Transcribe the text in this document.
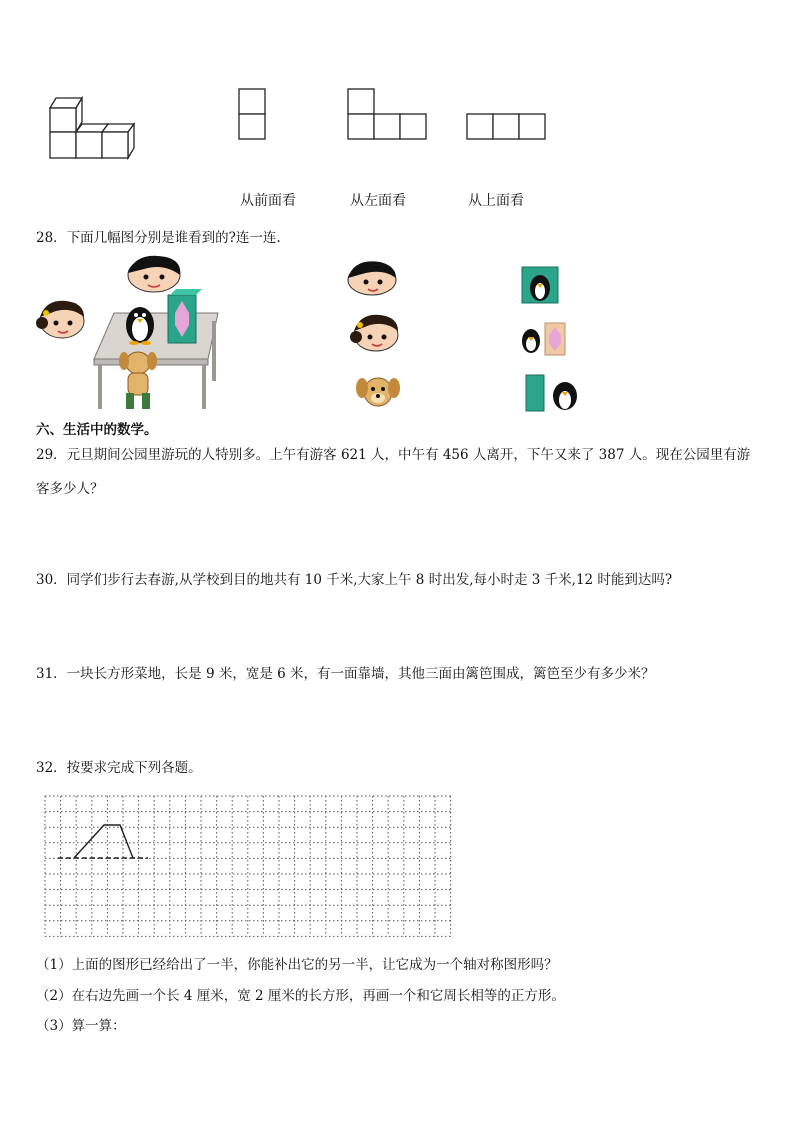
从前面看	从左面看	从上面看
28．下面几幅图分别是谁看到的?连一连.
六、生活中的数学。
29．元旦期间公园里游玩的人特别多。上午有游客 621 人，中午有 456 人离开，下午又来了 387 人。现在公园里有游
客多少人？
30．同学们步行去春游,从学校到目的地共有 10 千米,大家上午 8 时出发,每小时走 3 千米,12 时能到达吗?
31．一块长方形菜地，长是 9 米，宽是 6 米，有一面靠墙，其他三面由篱笆围成，篱笆至少有多少米？
32．按要求完成下列各题。
（1）上面的图形已经给出了一半，你能补出它的另一半，让它成为一个轴对称图形吗？
（2）在右边先画一个长 4 厘米，宽 2 厘米的长方形，再画一个和它周长相等的正方形。
（3）算一算：
